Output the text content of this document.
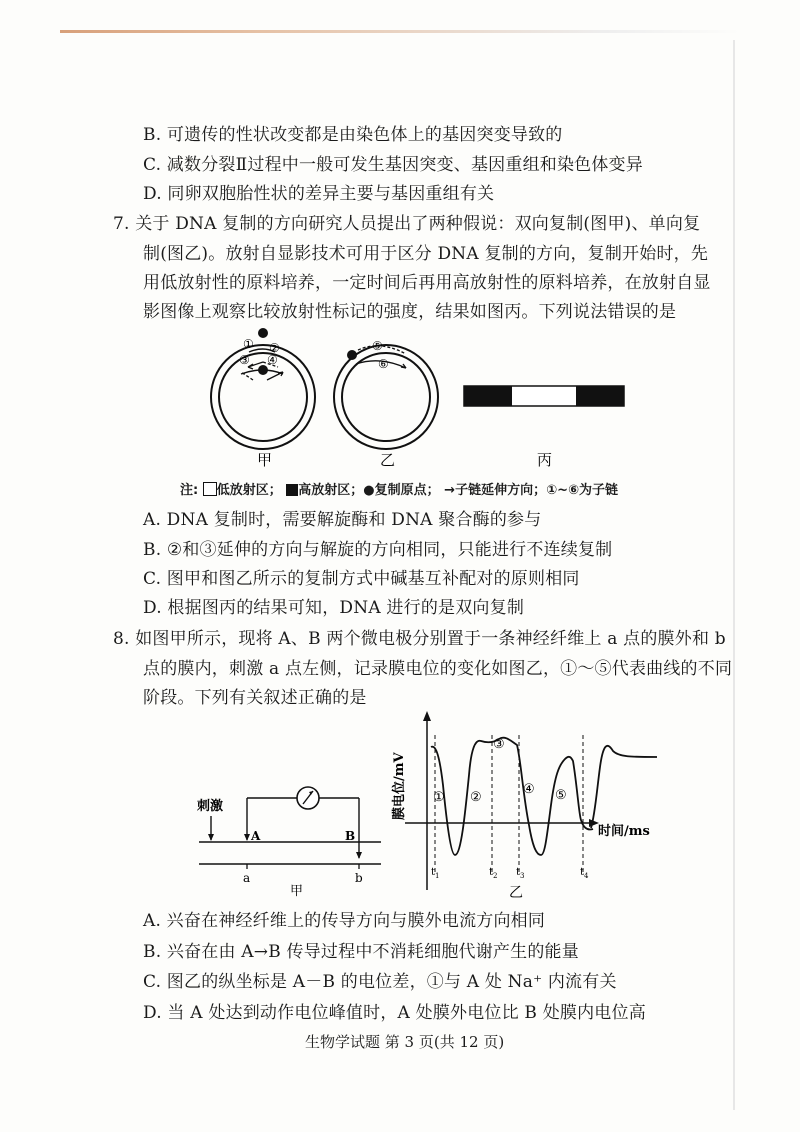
B. 可遗传的性状改变都是由染色体上的基因突变导致的
C. 减数分裂Ⅱ过程中一般可发生基因突变、基因重组和染色体变异
D. 同卵双胞胎性状的差异主要与基因重组有关
7. 关于 DNA 复制的方向研究人员提出了两种假说：双向复制(图甲)、单向复
制(图乙)。放射自显影技术可用于区分 DNA 复制的方向，复制开始时，先
用低放射性的原料培养，一定时间后再用高放射性的原料培养，在放射自显
影图像上观察比较放射性标记的强度，结果如图丙。下列说法错误的是
① ②
③ ④
甲
⑤
⑥
乙	丙
注: 低放射区； 高放射区；●复制原点； →子链延伸方向；①~⑥为子链
A. DNA 复制时，需要解旋酶和 DNA 聚合酶的参与
B. ②和③延伸的方向与解旋的方向相同，只能进行不连续复制
C. 图甲和图乙所示的复制方式中碱基互补配对的原则相同
D. 根据图丙的结果可知，DNA 进行的是双向复制
8. 如图甲所示，现将 A、B 两个微电极分别置于一条神经纤维上 a 点的膜外和 b
点的膜内，刺激 a 点左侧，记录膜电位的变化如图乙，①～⑤代表曲线的不同
阶段。下列有关叙述正确的是
刺激
A	B
a	b
甲
膜电位/mV
时间/ms
① ②
③
④ ⑤
$t_1$	$t_2$ $t_3$	$t_4$
乙
A. 兴奋在神经纤维上的传导方向与膜外电流方向相同
B. 兴奋在由 A→B 传导过程中不消耗细胞代谢产生的能量
C. 图乙的纵坐标是 A－B 的电位差，①与 A 处 Na⁺ 内流有关
D. 当 A 处达到动作电位峰值时，A 处膜外电位比 B 处膜内电位高
生物学试题 第 3 页(共 12 页)
